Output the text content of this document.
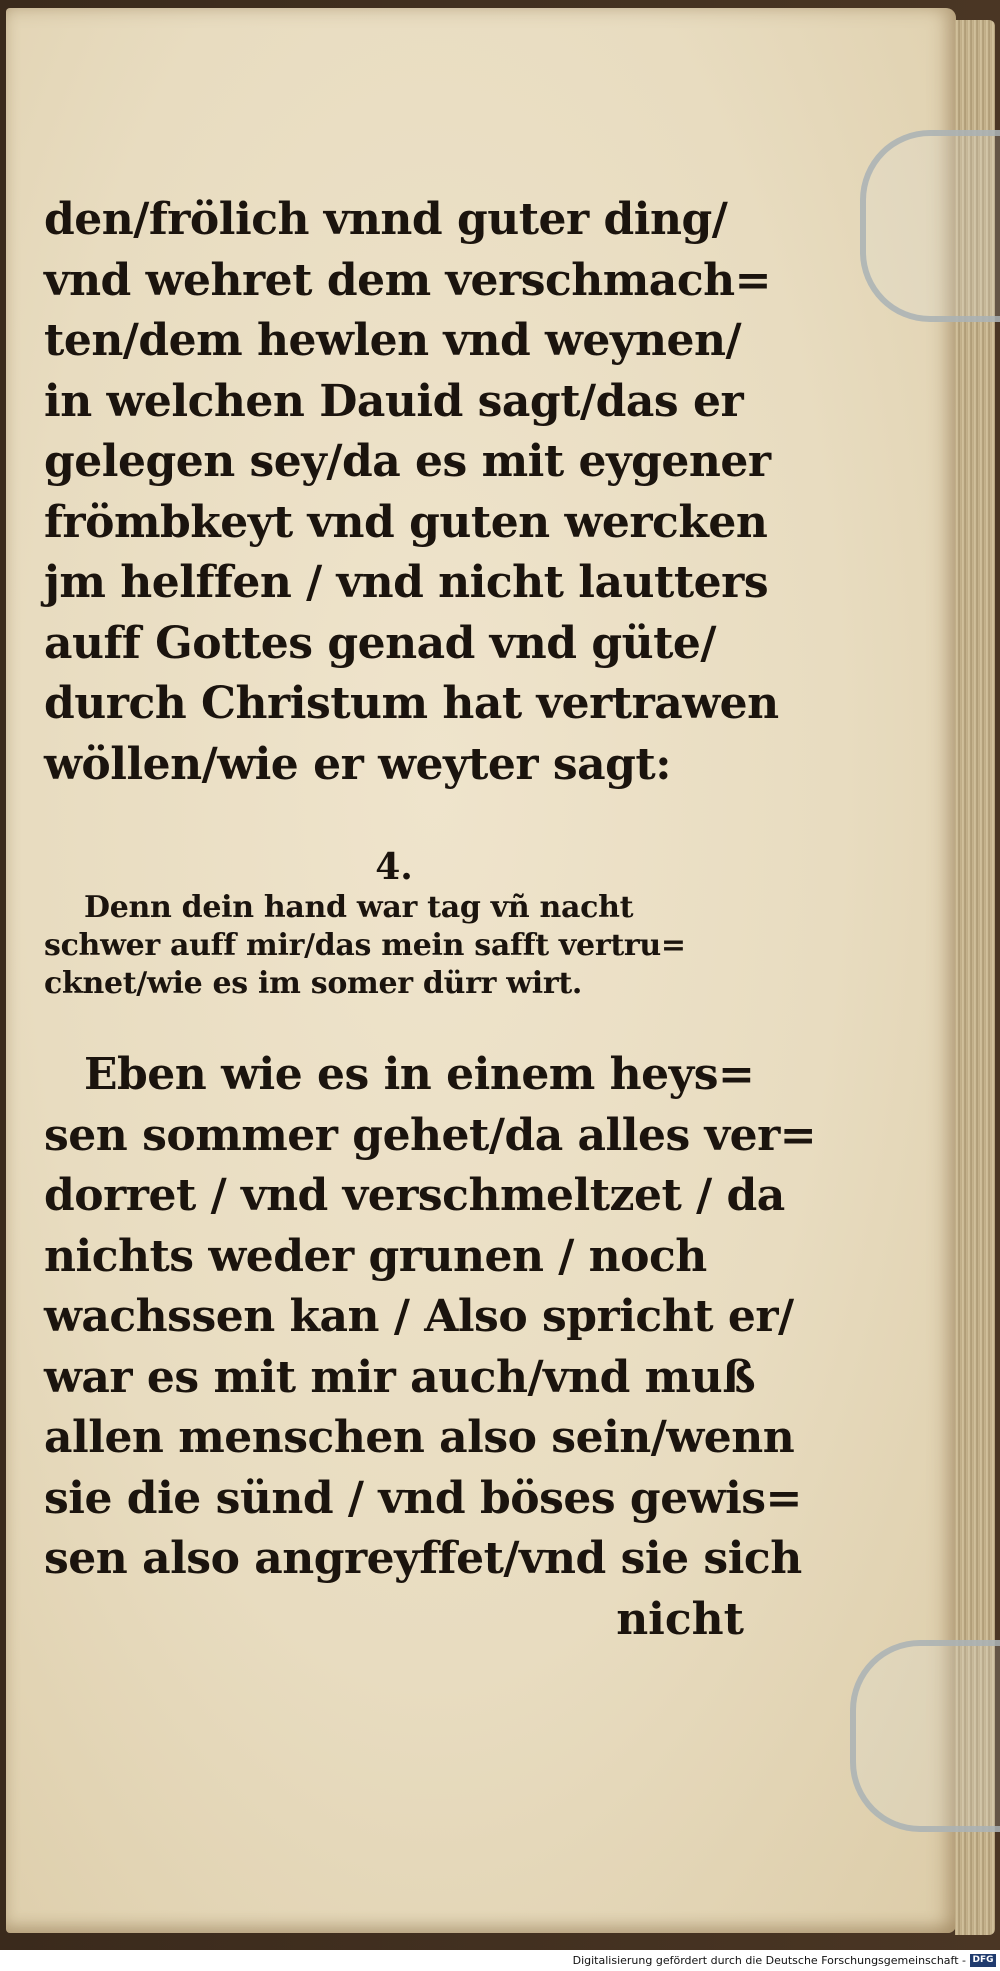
den/frölich vnnd guter ding/
vnd wehret dem verschmach=
ten/dem hewlen vnd weynen/
in welchen Dauid sagt/das er
gelegen sey/da es mit eygener
frömbkeyt vnd guten wercken
jm helffen / vnd nicht lautters
auff Gottes genad vnd güte/
durch Christum hat vertrawen
wöllen/wie er weyter sagt:
4.
Denn dein hand war tag vñ nacht
schwer auff mir/das mein safft vertru=
cknet/wie es im somer dürr wirt.
Eben wie es in einem heys=
sen sommer gehet/da alles ver=
dorret / vnd verschmeltzet / da
nichts weder grunen / noch
wachssen kan / Also spricht er/
war es mit mir auch/vnd muß
allen menschen also sein/wenn
sie die sünd / vnd böses gewis=
sen also angreyffet/vnd sie sich
nicht
Digitalisierung gefördert durch die Deutsche Forschungsgemeinschaft - DFG
